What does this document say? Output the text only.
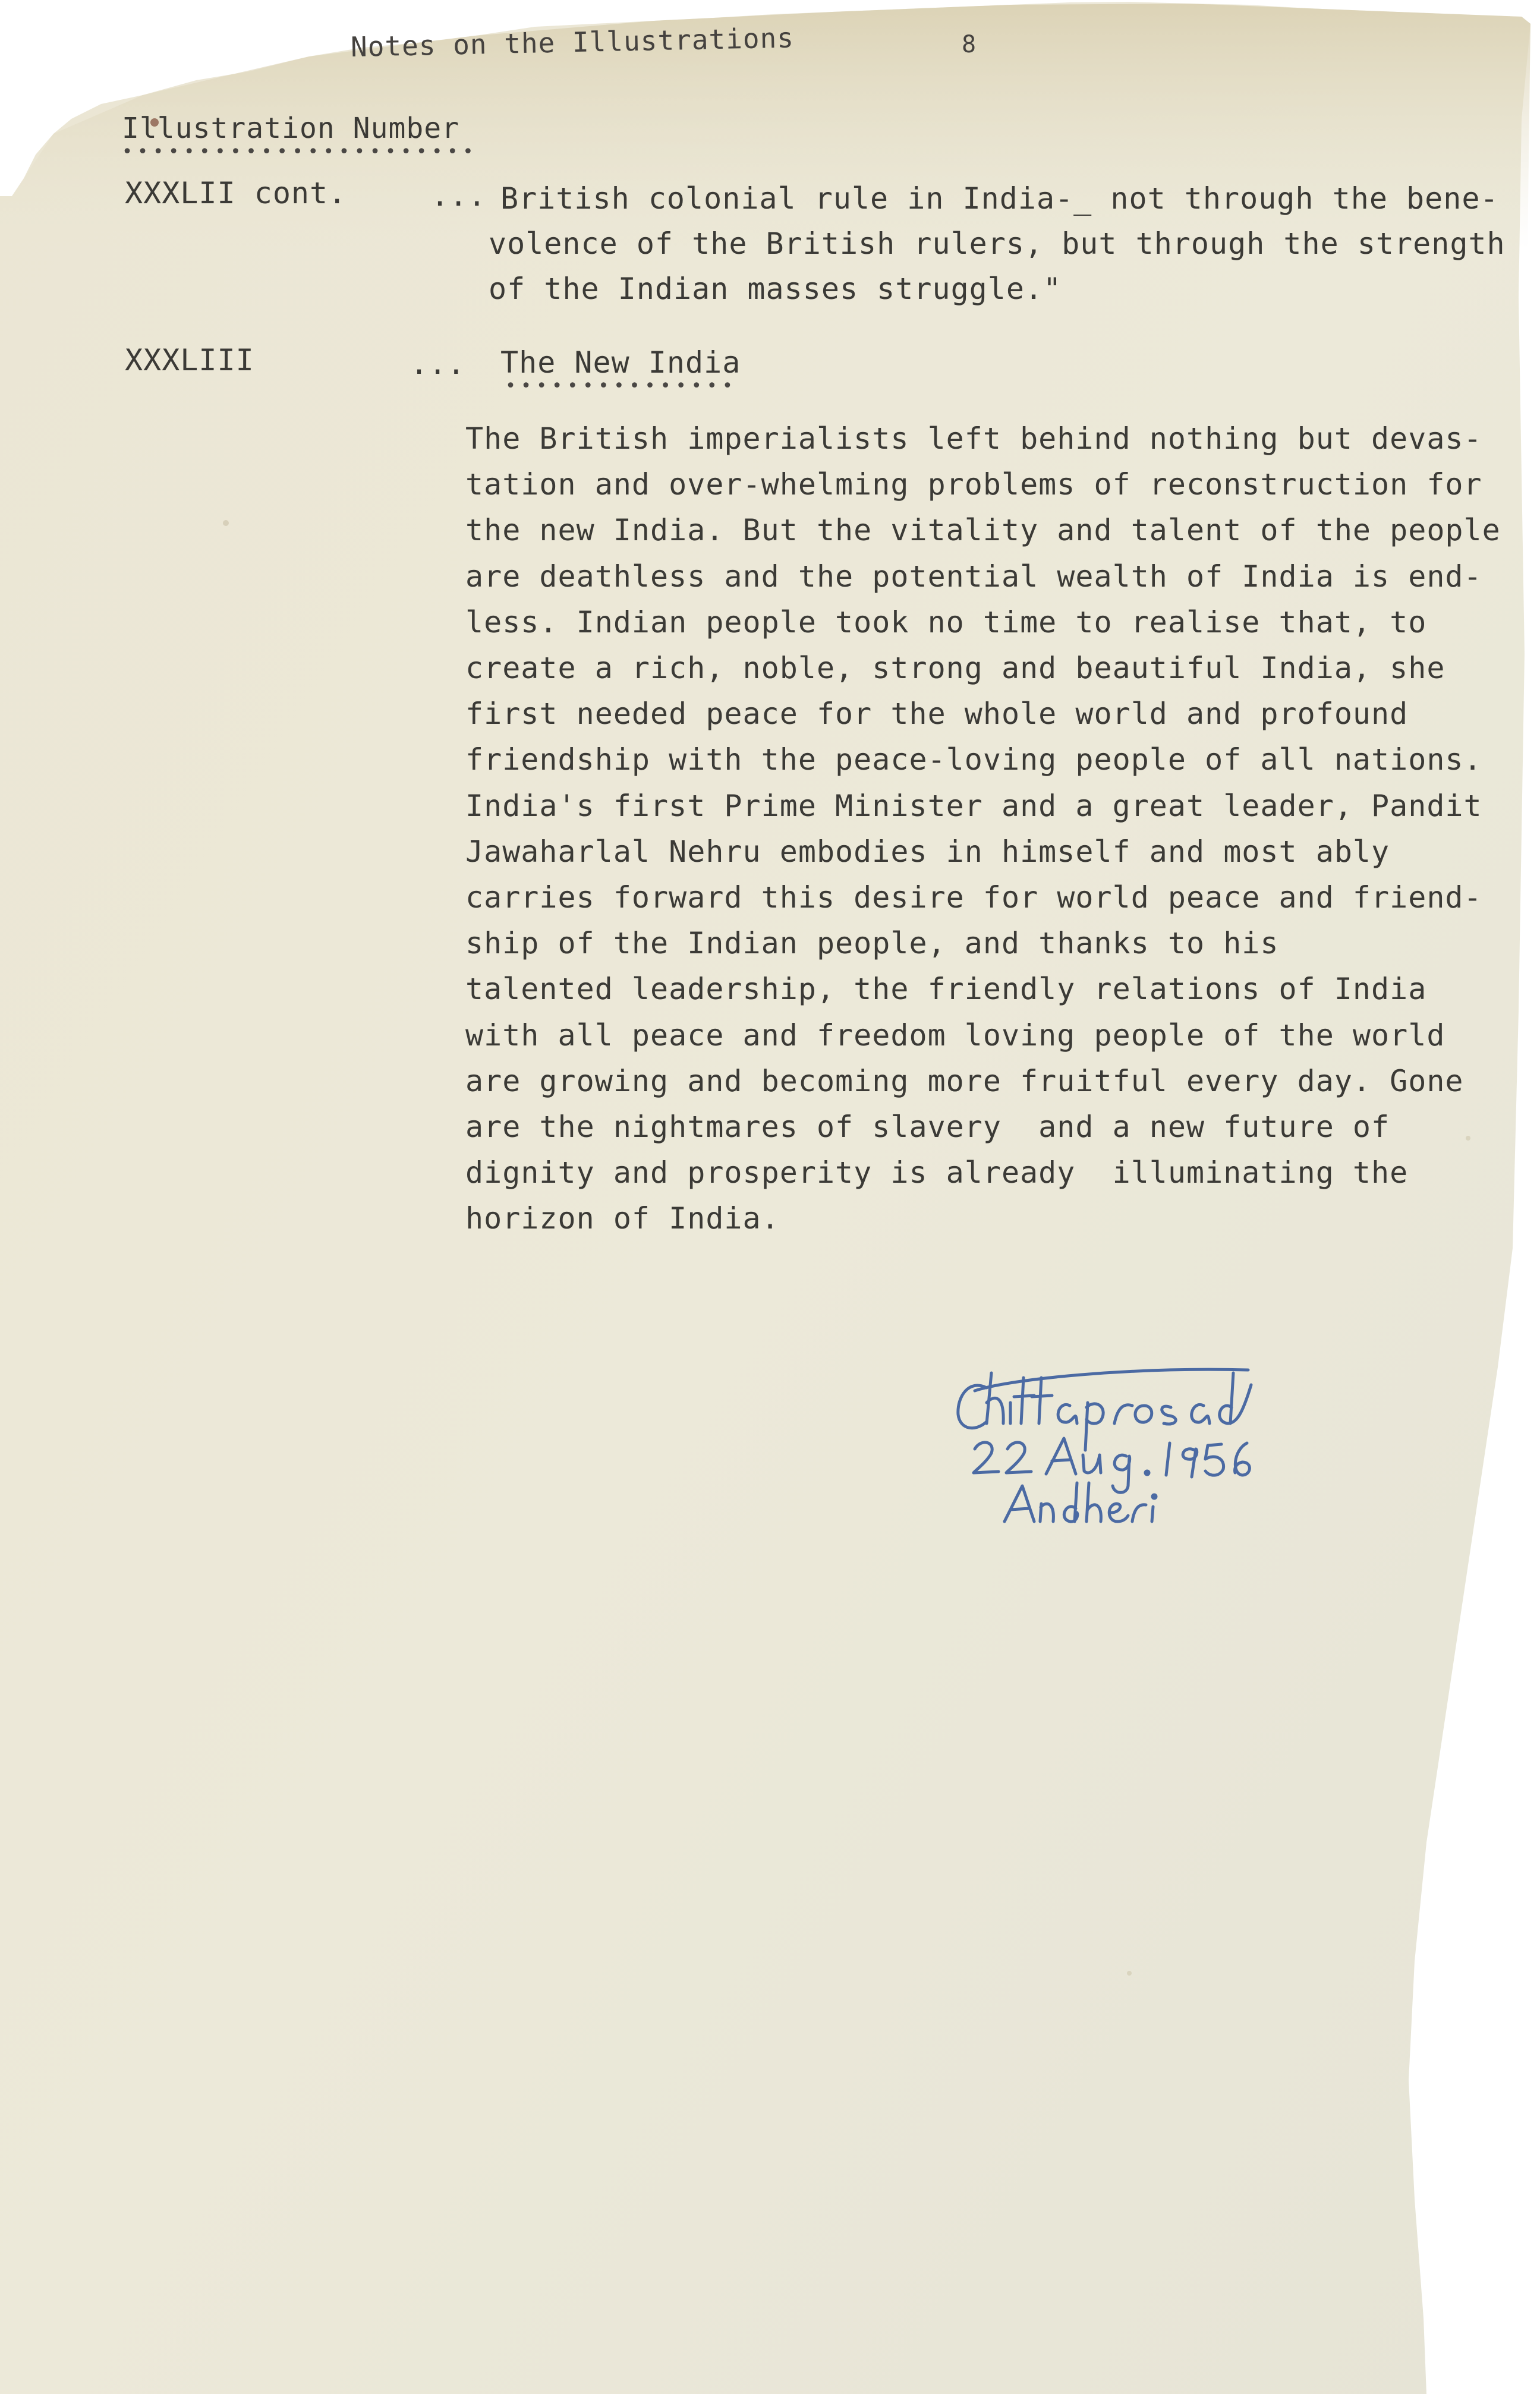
Notes on the Illustrations	8
Illustration Number
•••••••••••••••••••••••
XXXLII cont.	... British colonial rule in India-_ not through the bene-
volence of the British rulers, but through the strength
of the Indian masses struggle."
XXXLIII	... The New India
•••••••••••••••
The British imperialists left behind nothing but devas-
tation and over-whelming problems of reconstruction for
the new India. But the vitality and talent of the people
are deathless and the potential wealth of India is end-
less. Indian people took no time to realise that, to
create a rich, noble, strong and beautiful India, she
first needed peace for the whole world and profound
friendship with the peace-loving people of all nations.
India's first Prime Minister and a great leader, Pandit
Jawaharlal Nehru embodies in himself and most ably
carries forward this desire for world peace and friend-
ship of the Indian people, and thanks to his
talented leadership, the friendly relations of India
with all peace and freedom loving people of the world
are growing and becoming more fruitful every day. Gone
are the nightmares of slavery  and a new future of
dignity and prosperity is already  illuminating the
horizon of India.
